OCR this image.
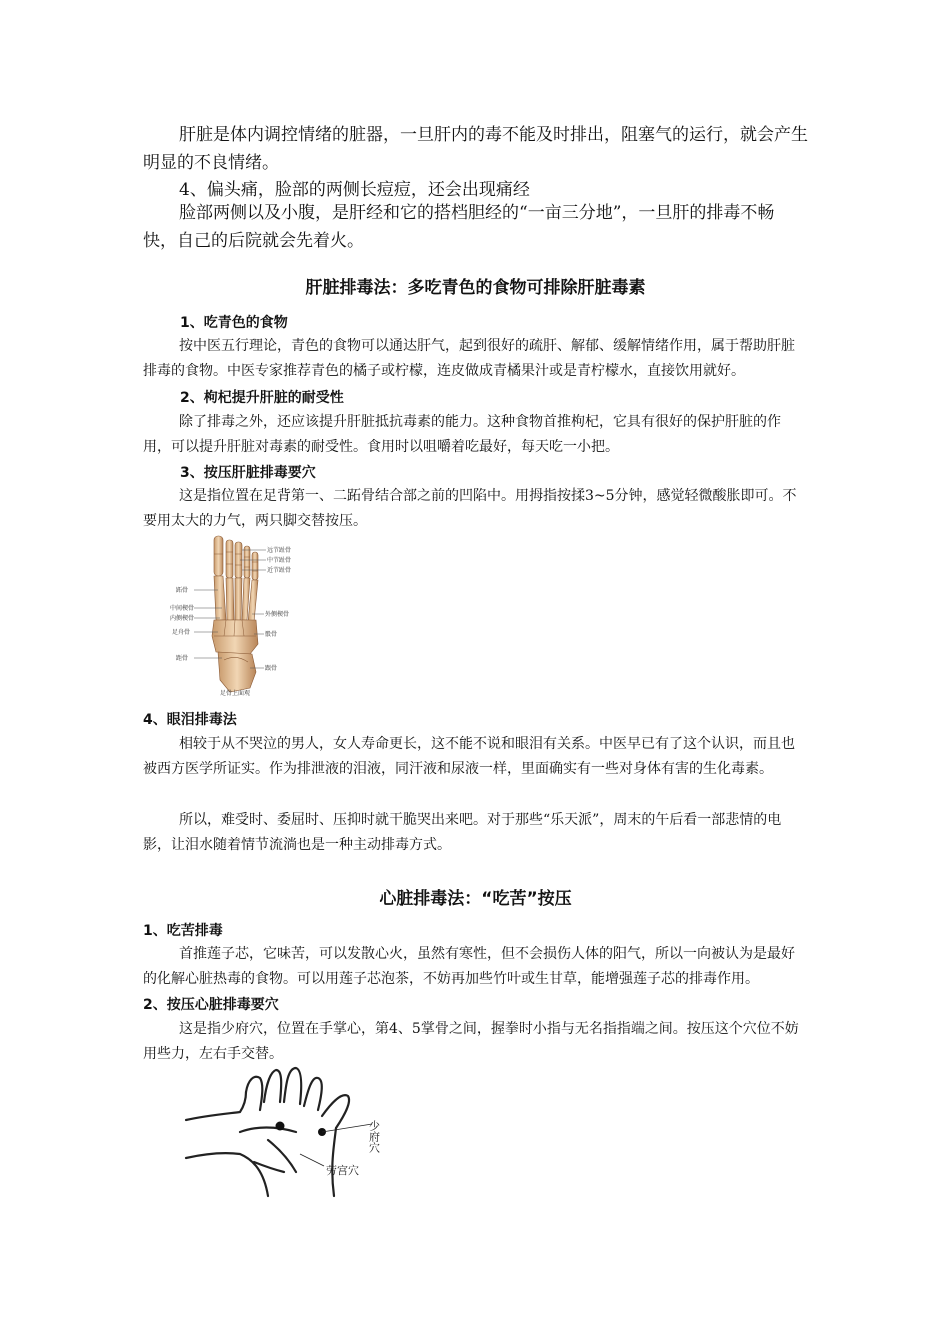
肝脏是体内调控情绪的脏器，一旦肝内的毒不能及时排出，阻塞气的运行，就会产生明显的不良情绪。

4、偏头痛，脸部的两侧长痘痘，还会出现痛经

脸部两侧以及小腹，是肝经和它的搭档胆经的“一亩三分地”，一旦肝的排毒不畅快，自己的后院就会先着火。

肝脏排毒法：多吃青色的食物可排除肝脏毒素
1、吃青色的食物

按中医五行理论，青色的食物可以通达肝气，起到很好的疏肝、解郁、缓解情绪作用，属于帮助肝脏排毒的食物。中医专家推荐青色的橘子或柠檬，连皮做成青橘果汁或是青柠檬水，直接饮用就好。

2、枸杞提升肝脏的耐受性

除了排毒之外，还应该提升肝脏抵抗毒素的能力。这种食物首推枸杞，它具有很好的保护肝脏的作用，可以提升肝脏对毒素的耐受性。食用时以咀嚼着吃最好，每天吃一小把。

3、按压肝脏排毒要穴

这是指位置在足背第一、二跖骨结合部之前的凹陷中。用拇指按揉3~5分钟，感觉轻微酸胀即可。不要用太大的力气，两只脚交替按压。

远节趾骨
中节趾骨
近节趾骨
外侧楔骨
骰骨
跟骨
跖骨
中间楔骨
内侧楔骨
足舟骨
距骨
足骨上面观
4、眼泪排毒法

相较于从不哭泣的男人，女人寿命更长，这不能不说和眼泪有关系。中医早已有了这个认识，而且也被西方医学所证实。作为排泄液的泪液，同汗液和尿液一样，里面确实有一些对身体有害的生化毒素。

所以，难受时、委屈时、压抑时就干脆哭出来吧。对于那些“乐天派”，周末的午后看一部悲情的电影，让泪水随着情节流淌也是一种主动排毒方式。

心脏排毒法：“吃苦”按压
1、吃苦排毒

首推莲子芯，它味苦，可以发散心火，虽然有寒性，但不会损伤人体的阳气，所以一向被认为是最好的化解心脏热毒的食物。可以用莲子芯泡茶，不妨再加些竹叶或生甘草，能增强莲子芯的排毒作用。

2、按压心脏排毒要穴

这是指少府穴，位置在手掌心，第4、5掌骨之间，握拳时小指与无名指指端之间。按压这个穴位不妨用些力，左右手交替。

少府穴
劳宫穴
